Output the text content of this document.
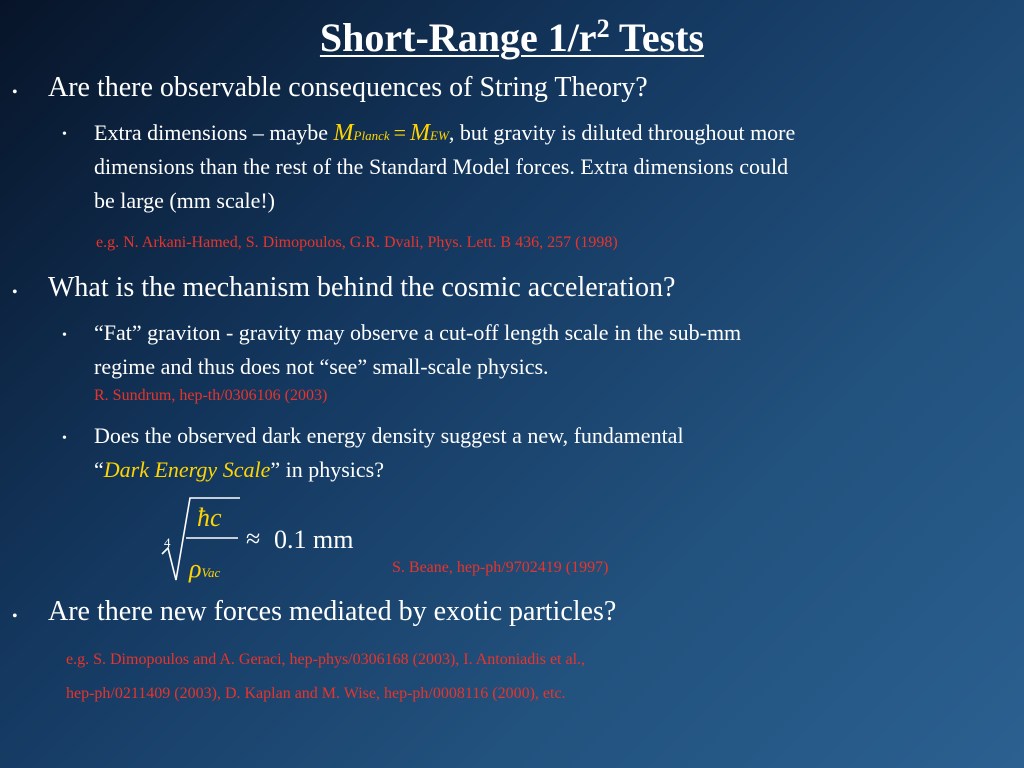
Short-Range $1/r^2$ Tests
• Are there observable consequences of String Theory?
• Extra dimensions – maybe MPlanck = MEW, but gravity is diluted throughout more
dimensions than the rest of the Standard Model forces. Extra dimensions could
be large (mm scale!)
e.g. N. Arkani-Hamed, S. Dimopoulos, G.R. Dvali, Phys. Lett. B 436, 257 (1998)
• What is the mechanism behind the cosmic acceleration?
• “Fat” graviton - gravity may observe a cut-off length scale in the sub-mm
regime and thus does not “see” small-scale physics.
R. Sundrum, hep-th/0306106 (2003)
• Does the observed dark energy density suggest a new, fundamental
“Dark Energy Scale” in physics?
4
ħc
ρVac
≈ 0.1 mm
S. Beane, hep-ph/9702419 (1997)
• Are there new forces mediated by exotic particles?
e.g. S. Dimopoulos and A. Geraci, hep-phys/0306168 (2003), I. Antoniadis et al.,
hep-ph/0211409 (2003), D. Kaplan and M. Wise, hep-ph/0008116 (2000), etc.
